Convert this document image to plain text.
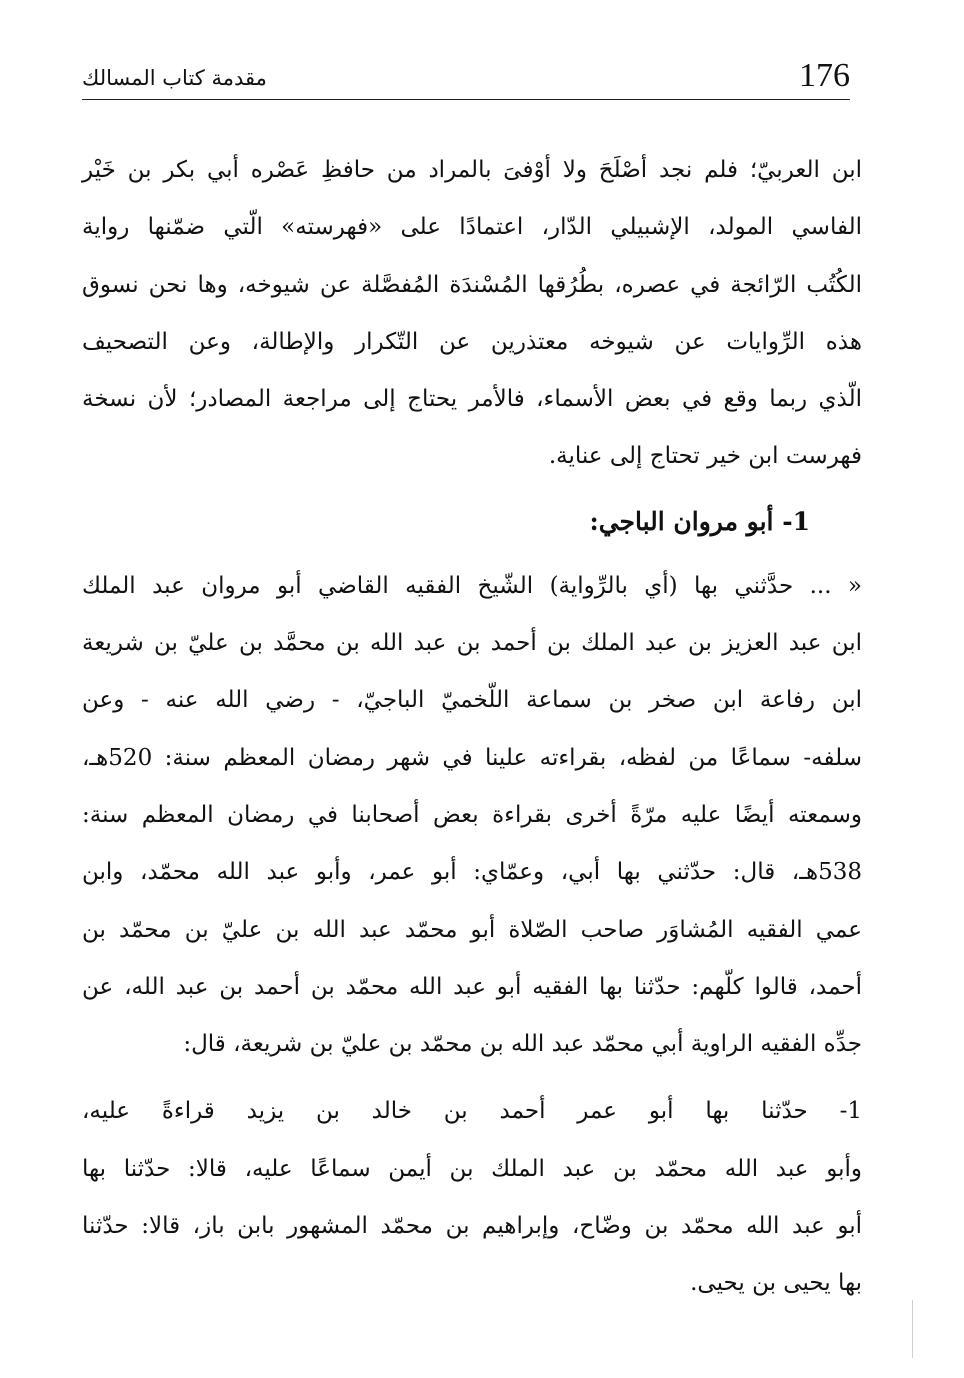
176
مقدمة كتاب المسالك
ابن العربيّ؛ فلم نجد أصْلَحَ ولا أوْفىَ بالمراد من حافظِ عَصْره أبي بكر بن خَيْر
الفاسي المولد، الإشبيلي الدّار، اعتمادًا على «فهرسته» الّتي ضمّنها رواية
الكُتُب الرّائجة في عصره، بطُرُقها المُسْندَة المُفصَّلة عن شيوخه، وها نحن نسوق
هذه الرِّوايات عن شيوخه معتذرين عن التّكرار والإطالة، وعن التصحيف
الّذي ربما وقع في بعض الأسماء، فالأمر يحتاج إلى مراجعة المصادر؛ لأن نسخة
فهرست ابن خير تحتاج إلى عناية.
1- أبو مروان الباجي:
« ... حدَّثني بها (أي بالرِّواية) الشّيخ الفقيه القاضي أبو مروان عبد الملك
ابن عبد العزيز بن عبد الملك بن أحمد بن عبد الله بن محمَّد بن عليّ بن شريعة
ابن رفاعة ابن صخر بن سماعة اللّخميّ الباجيّ، - رضي الله عنه - وعن
سلفه- سماعًا من لفظه، بقراءته علينا في شهر رمضان المعظم سنة: 520هـ،
وسمعته أيضًا عليه مرّةً أخرى بقراءة بعض أصحابنا في رمضان المعظم سنة:
538هـ، قال: حدّثني بها أبي، وعمّاي: أبو عمر، وأبو عبد الله محمّد، وابن
عمي الفقيه المُشاوَر صاحب الصّلاة أبو محمّد عبد الله بن عليّ بن محمّد بن
أحمد، قالوا كلّهم: حدّثنا بها الفقيه أبو عبد الله محمّد بن أحمد بن عبد الله، عن
جدِّه الفقيه الراوية أبي محمّد عبد الله بن محمّد بن عليّ بن شريعة، قال:
1- حدّثنا بها أبو عمر أحمد بن خالد بن يزيد قراءةً عليه،
وأبو عبد الله محمّد بن عبد الملك بن أيمن سماعًا عليه، قالا: حدّثنا بها
أبو عبد الله محمّد بن وضّاح، وإبراهيم بن محمّد المشهور بابن باز، قالا: حدّثنا
بها يحيى بن يحيى.
